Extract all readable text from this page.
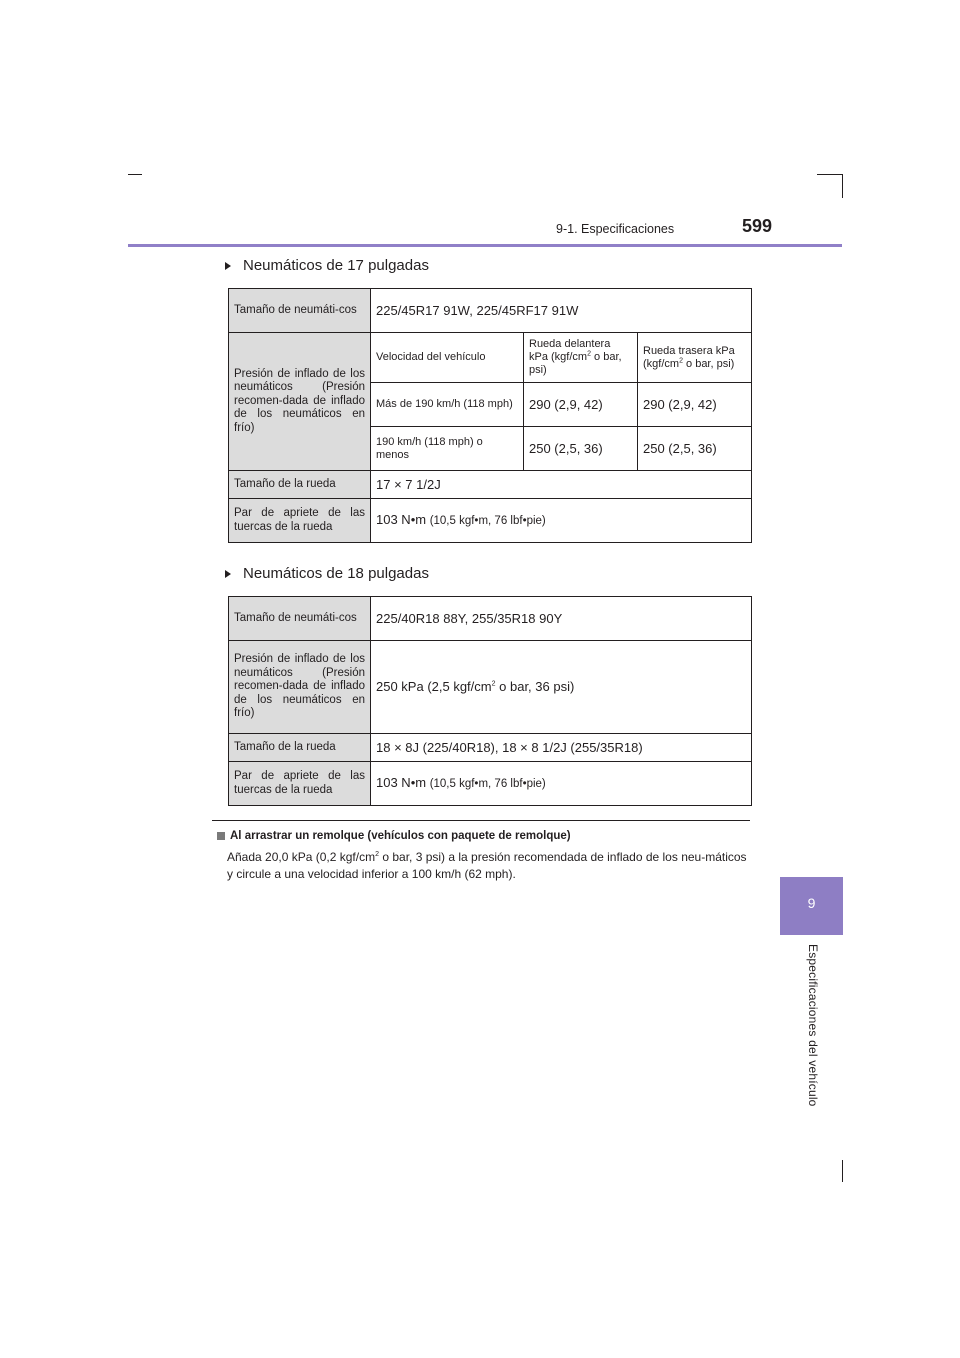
9-1. Especificaciones	599
9
Especificaciones del vehículo
Neumáticos de 17 pulgadas
Tamaño de neumáti-cos	225/45R17 91W, 225/45RF17 91W		
Presión de inflado de los neumáticos (Presión recomen-dada de inflado de los neumáticos en frío)	Velocidad del vehículo	Rueda delantera kPa ($kgf/cm^2$ o bar, psi)	Rueda trasera kPa ($kgf/cm^2$ o bar, psi)
	Más de 190 km/h (118 mph)	290 (2,9, 42)	290 (2,9, 42)
	190 km/h (118 mph) o menos	250 (2,5, 36)	250 (2,5, 36)
Tamaño de la rueda	17 × 7 1/2J		
Par de apriete de las tuercas de la rueda	103 N•m (10,5 kgf•m, 76 lbf•pie)		
Neumáticos de 18 pulgadas
Tamaño de neumáti-cos	225/40R18 88Y, 255/35R18 90Y
Presión de inflado de los neumáticos (Presión recomen-dada de inflado de los neumáticos en frío)	250 kPa (2,5 kgf/$cm^2$ o bar, 36 psi)
Tamaño de la rueda	18 × 8J (225/40R18), 18 × 8 1/2J (255/35R18)
Par de apriete de las tuercas de la rueda	103 N•m (10,5 kgf•m, 76 lbf•pie)
Al arrastrar un remolque (vehículos con paquete de remolque)
Añada 20,0 kPa (0,2 kgf/$cm^2$ o bar, 3 psi) a la presión recomendada de inflado de los neu-máticos y circule a una velocidad inferior a 100 km/h (62 mph).
